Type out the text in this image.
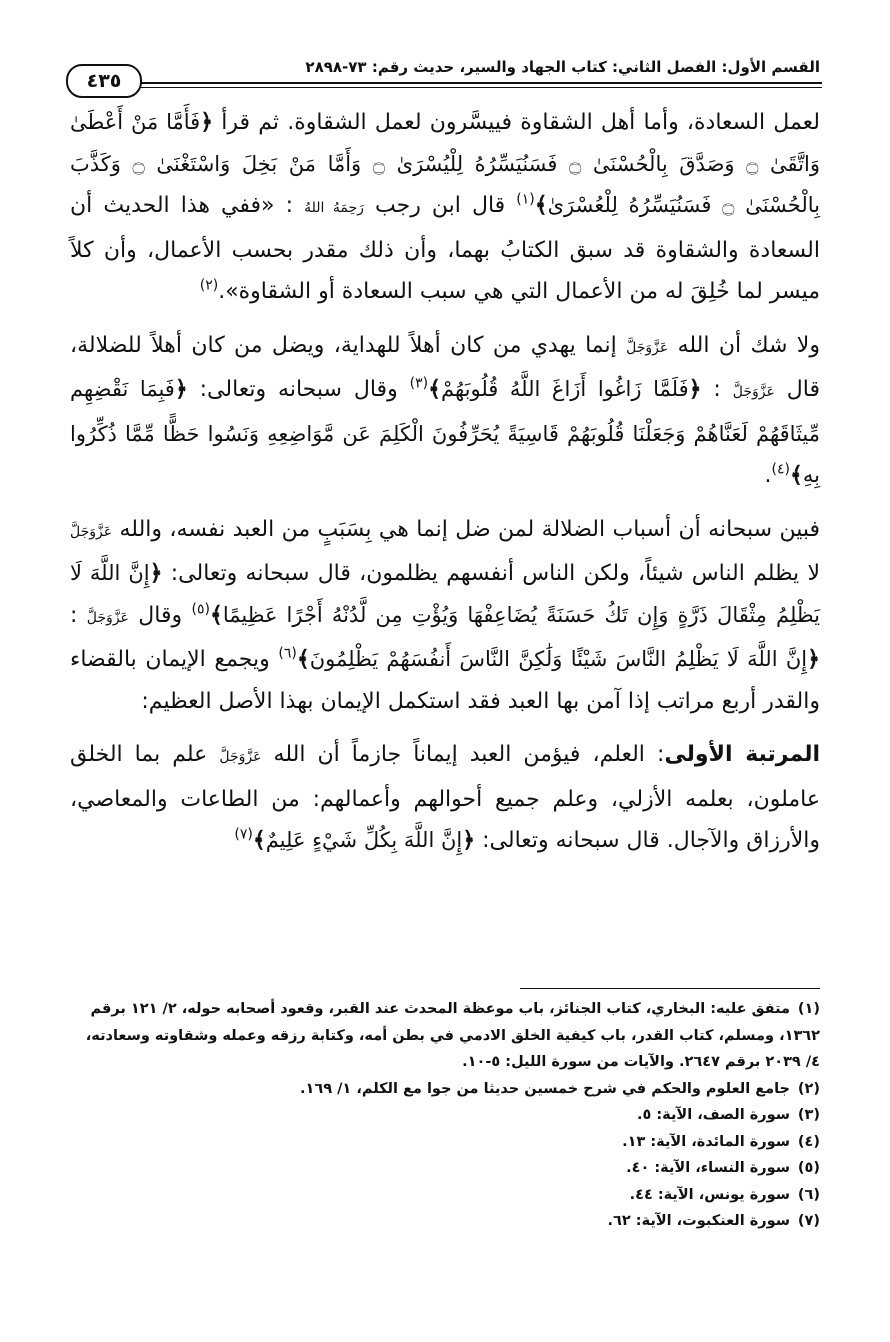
القسم الأول: الفصل الثاني: كتاب الجهاد والسير، حديث رقم: ٧٣-٢٨٩٨
٤٣٥

لعمل السعادة، وأما أهل الشقاوة فييسَّرون لعمل الشقاوة. ثم قرأ ﴿فَأَمَّا مَنْ أَعْطَىٰ وَاتَّقَىٰ ۝ وَصَدَّقَ بِالْحُسْنَىٰ ۝ فَسَنُيَسِّرُهُ لِلْيُسْرَىٰ ۝ وَأَمَّا مَنْ بَخِلَ وَاسْتَغْنَىٰ ۝ وَكَذَّبَ بِالْحُسْنَىٰ ۝ فَسَنُيَسِّرُهُ لِلْعُسْرَىٰ﴾$^{(١)}$ قال ابن رجب رَحِمَهُ اللهُ : «ففي هذا الحديث أن السعادة والشقاوة قد سبق الكتابُ بهما، وأن ذلك مقدر بحسب الأعمال، وأن كلاً ميسر لما خُلِقَ له من الأعمال التي هي سبب السعادة أو الشقاوة».$^{(٢)}$

ولا شك أن الله عَزَّوَجَلَّ إنما يهدي من كان أهلاً للهداية، ويضل من كان أهلاً للضلالة، قال عَزَّوَجَلَّ : ﴿فَلَمَّا زَاغُوا أَزَاغَ اللَّهُ قُلُوبَهُمْ﴾$^{(٣)}$ وقال سبحانه وتعالى: ﴿فَبِمَا نَقْضِهِم مِّيثَاقَهُمْ لَعَنَّاهُمْ وَجَعَلْنَا قُلُوبَهُمْ قَاسِيَةً يُحَرِّفُونَ الْكَلِمَ عَن مَّوَاضِعِهِ وَنَسُوا حَظًّا مِّمَّا ذُكِّرُوا بِهِ﴾$^{(٤)}$.

فبين سبحانه أن أسباب الضلالة لمن ضل إنما هي بِسَبَبٍ من العبد نفسه، والله عَزَّوَجَلَّ لا يظلم الناس شيئاً، ولكن الناس أنفسهم يظلمون، قال سبحانه وتعالى: ﴿إِنَّ اللَّهَ لَا يَظْلِمُ مِثْقَالَ ذَرَّةٍ وَإِن تَكُ حَسَنَةً يُضَاعِفْهَا وَيُؤْتِ مِن لَّدُنْهُ أَجْرًا عَظِيمًا﴾$^{(٥)}$ وقال عَزَّوَجَلَّ : ﴿إِنَّ اللَّهَ لَا يَظْلِمُ النَّاسَ شَيْئًا وَلَٰكِنَّ النَّاسَ أَنفُسَهُمْ يَظْلِمُونَ﴾$^{(٦)}$ ويجمع الإيمان بالقضاء والقدر أربع مراتب إذا آمن بها العبد فقد استكمل الإيمان بهذا الأصل العظيم:

المرتبة الأولى: العلم، فيؤمن العبد إيماناً جازماً أن الله عَزَّوَجَلَّ علم بما الخلق عاملون، بعلمه الأزلي، وعلم جميع أحوالهم وأعمالهم: من الطاعات والمعاصي، والأرزاق والآجال. قال سبحانه وتعالى: ﴿إِنَّ اللَّهَ بِكُلِّ شَيْءٍ عَلِيمٌ﴾$^{(٧)}$

(١)متفق عليه: البخاري، كتاب الجنائز، باب موعظة المحدث عند القبر، وقعود أصحابه حوله، ٢/ ١٢١ برقم ١٣٦٢، ومسلم، كتاب القدر، باب كيفية الخلق الادمي في بطن أمه، وكتابة رزقه وعمله وشقاوته وسعادته، ٤/ ٢٠٣٩ برقم ٢٦٤٧. والآيات من سورة الليل: ٥-١٠.
(٢)جامع العلوم والحكم في شرح خمسين حديثا من جوا مع الكلم، ١/ ١٦٩.
(٣)سورة الصف، الآية: ٥.
(٤)سورة المائدة، الآية: ١٣.
(٥)سورة النساء، الآية: ٤٠.
(٦)سورة يونس، الآية: ٤٤.
(٧)سورة العنكبوت، الآية: ٦٢.
